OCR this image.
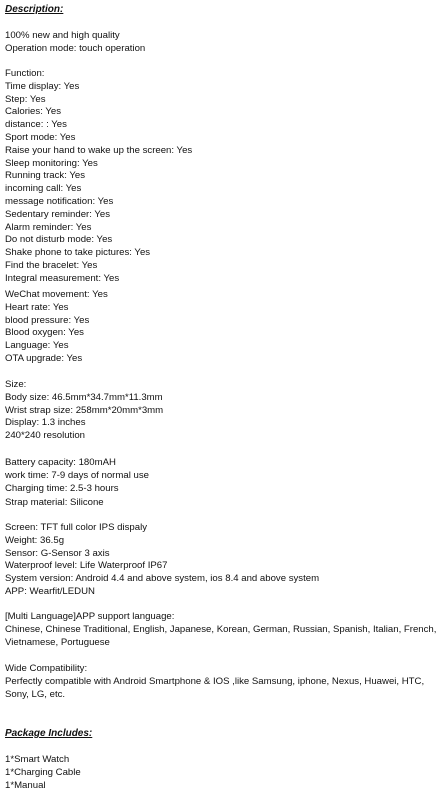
Description:
100% new and high quality
Operation mode: touch operation
Function:
Time display: Yes
Step: Yes
Calories: Yes
distance: : Yes
Sport mode: Yes
Raise your hand to wake up the screen: Yes
Sleep monitoring: Yes
Running track: Yes
incoming call: Yes
message notification: Yes
Sedentary reminder: Yes
Alarm reminder: Yes
Do not disturb mode: Yes
Shake phone to take pictures: Yes
Find the bracelet: Yes
Integral measurement: Yes
WeChat movement: Yes
Heart rate: Yes
blood pressure: Yes
Blood oxygen: Yes
Language: Yes
OTA upgrade: Yes
Size:
Body size: 46.5mm*34.7mm*11.3mm
Wrist strap size: 258mm*20mm*3mm
Display: 1.3 inches
240*240 resolution
Battery capacity: 180mAH
work time: 7-9 days of normal use
Charging time: 2.5-3 hours
Strap material: Silicone
Screen: TFT full color IPS dispaly
Weight: 36.5g
Sensor: G-Sensor 3 axis
Waterproof level: Life Waterproof IP67
System version: Android 4.4 and above system, ios 8.4 and above system
APP: Wearfit/LEDUN
[Multi Language]APP support language:
Chinese, Chinese Traditional, English, Japanese, Korean, German, Russian, Spanish, Italian, French, Vietnamese, Portuguese
Wide Compatibility:
Perfectly compatible with Android Smartphone & IOS ,like Samsung, iphone, Nexus, Huawei, HTC, Sony, LG, etc.
Package Includes:
1*Smart Watch
1*Charging Cable
1*Manual
